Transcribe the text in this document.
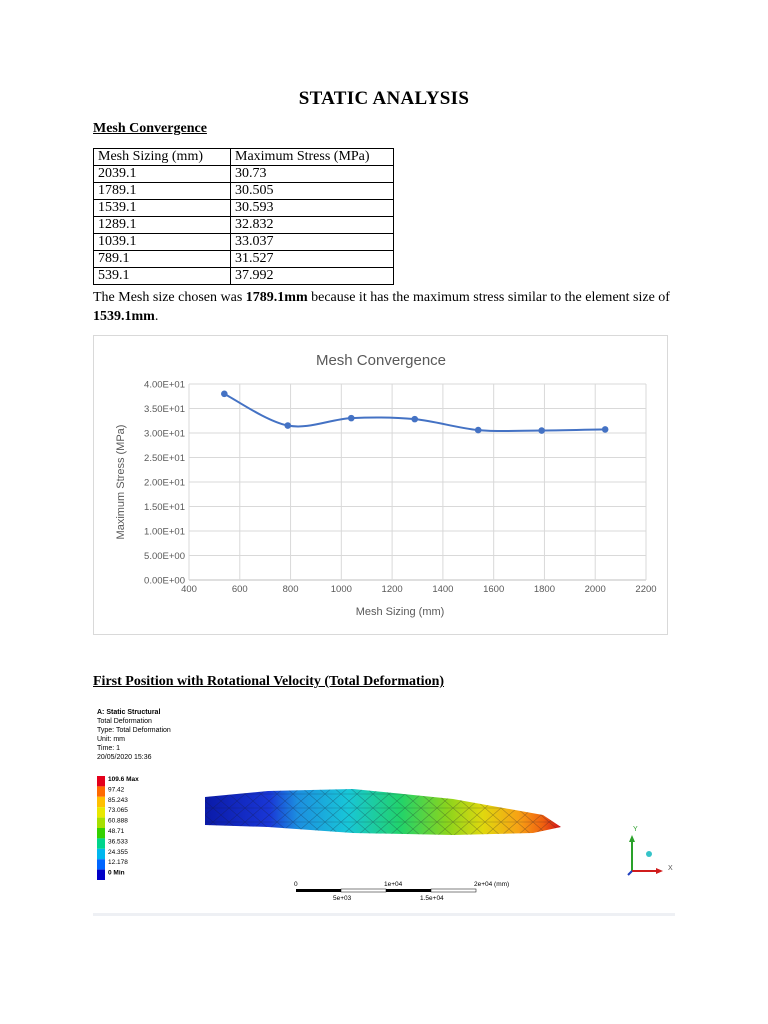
STATIC ANALYSIS
Mesh Convergence
Mesh Sizing (mm)	Maximum Stress (MPa)
2039.1	30.73
1789.1	30.505
1539.1	30.593
1289.1	32.832
1039.1	33.037
789.1	31.527
539.1	37.992
The Mesh size chosen was 1789.1mm because it has the maximum stress similar to the element size of 1539.1mm.
Mesh Convergence
Mesh Sizing (mm)
Maximum Stress (MPa)
0.00E+00
5.00E+00
1.00E+01
1.50E+01
2.00E+01
2.50E+01
3.00E+01
3.50E+01
4.00E+01
400	600	800	1000	1200	1400	1600	1800	2000	2200
First Position with Rotational Velocity (Total Deformation)
A: Static Structural
Total Deformation
Type: Total Deformation
Unit: mm
Time: 1
20/05/2020 15:36
109.6 Max
97.42
85.243
73.065
60.888
48.71
36.533
24.355
12.178
0 Min
0	1e+04	2e+04 (mm)
5e+03	1.5e+04
Y
X
